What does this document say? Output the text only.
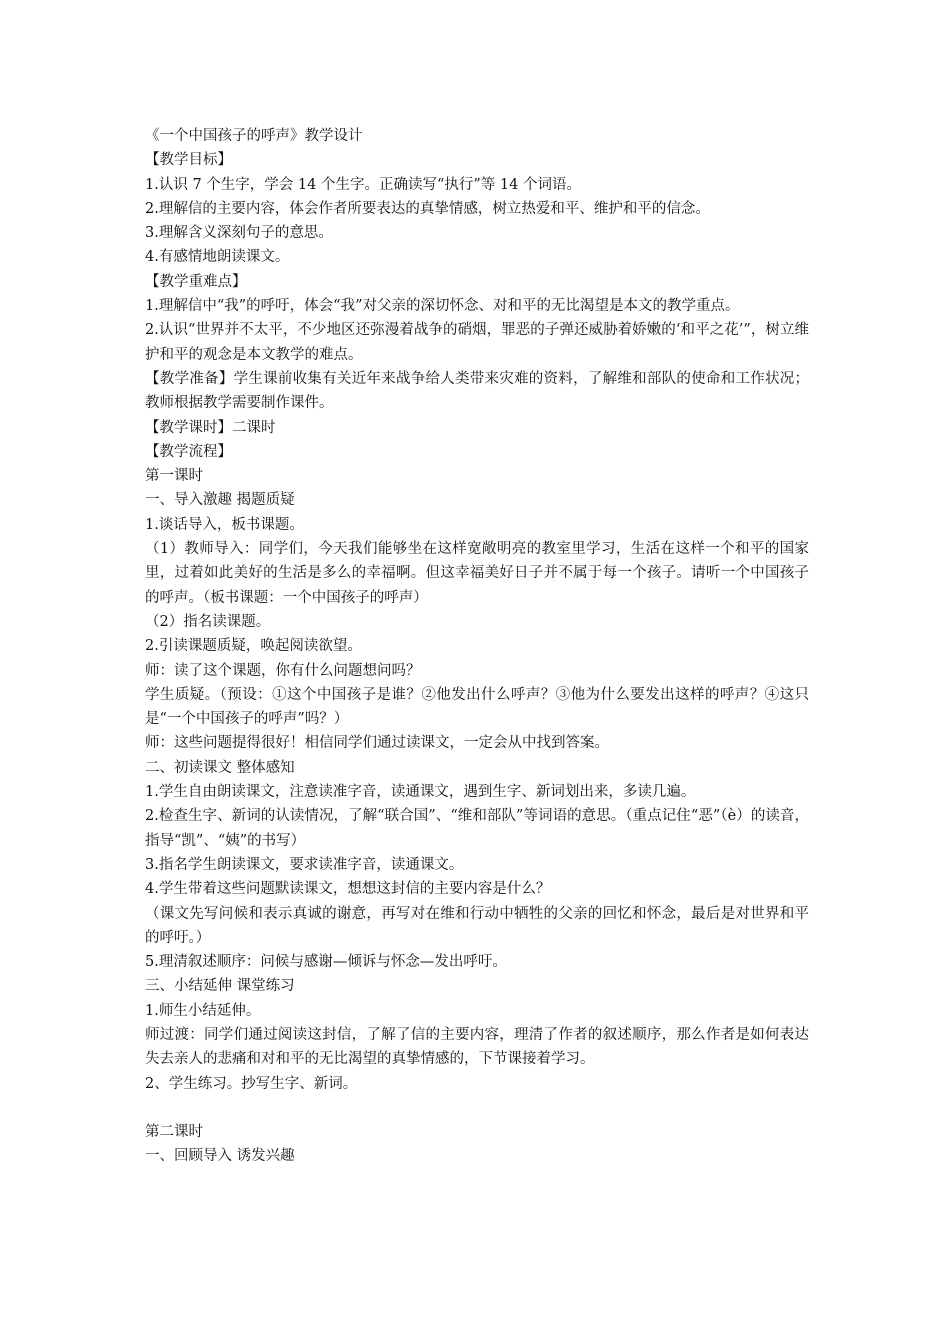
《一个中国孩子的呼声》教学设计
【教学目标】
1.认识 7 个生字，学会 14 个生字。正确读写“执行”等 14 个词语。
2.理解信的主要内容，体会作者所要表达的真挚情感，树立热爱和平、维护和平的信念。
3.理解含义深刻句子的意思。
4.有感情地朗读课文。
【教学重难点】
1.理解信中“我”的呼吁，体会“我”对父亲的深切怀念、对和平的无比渴望是本文的教学重点。
2.认识“世界并不太平，不少地区还弥漫着战争的硝烟，罪恶的子弹还威胁着娇嫩的‘和平之花’”，树立维护和平的观念是本文教学的难点。
【教学准备】学生课前收集有关近年来战争给人类带来灾难的资料，了解维和部队的使命和工作状况；教师根据教学需要制作课件。
【教学课时】二课时
【教学流程】
第一课时
一、导入激趣 揭题质疑
1.谈话导入，板书课题。
（1）教师导入：同学们，今天我们能够坐在这样宽敞明亮的教室里学习，生活在这样一个和平的国家里，过着如此美好的生活是多么的幸福啊。但这幸福美好日子并不属于每一个孩子。请听一个中国孩子的呼声。（板书课题：一个中国孩子的呼声）
（2）指名读课题。
2.引读课题质疑，唤起阅读欲望。
师：读了这个课题，你有什么问题想问吗？
学生质疑。（预设：①这个中国孩子是谁？②他发出什么呼声？③他为什么要发出这样的呼声？④这只是“一个中国孩子的呼声”吗？）
师：这些问题提得很好！相信同学们通过读课文，一定会从中找到答案。
二、初读课文 整体感知
1.学生自由朗读课文，注意读准字音，读通课文，遇到生字、新词划出来，多读几遍。
2.检查生字、新词的认读情况，了解“联合国”、“维和部队”等词语的意思。（重点记住“恶”（è）的读音，指导“凯”、“姨”的书写）
3.指名学生朗读课文，要求读准字音，读通课文。
4.学生带着这些问题默读课文，想想这封信的主要内容是什么？
（课文先写问候和表示真诚的谢意，再写对在维和行动中牺牲的父亲的回忆和怀念，最后是对世界和平的呼吁。）
5.理清叙述顺序：问候与感谢—倾诉与怀念—发出呼吁。
三、小结延伸 课堂练习
1.师生小结延伸。
师过渡：同学们通过阅读这封信，了解了信的主要内容，理清了作者的叙述顺序，那么作者是如何表达失去亲人的悲痛和对和平的无比渴望的真挚情感的，下节课接着学习。
2、学生练习。抄写生字、新词。
第二课时
一、回顾导入 诱发兴趣
